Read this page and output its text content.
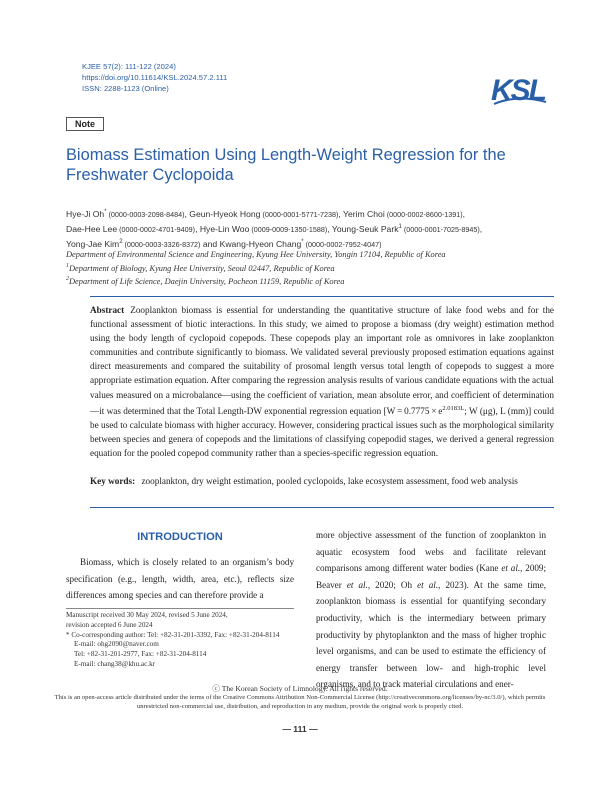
KJEE 57(2): 111-122 (2024)
https://doi.org/10.11614/KSL.2024.57.2.111
ISSN: 2288-1123 (Online)	KSL
Note
Biomass Estimation Using Length-Weight Regression for the Freshwater Cyclopoida
Hye-Ji Oh* (0000-0003-2098-8484), Geun-Hyeok Hong (0000-0001-5771-7238), Yerim Choi (0000-0002-8600-1391),
Dae-Hee Lee (0000-0002-4701-9409), Hye-Lin Woo (0009-0009-1350-1588), Young-Seuk Park$^1$ (0000-0001-7025-8945),
Yong-Jae Kim$^2$ (0000-0003-3326-8372) and Kwang-Hyeon Chang* (0000-0002-7952-4047)
Department of Environmental Science and Engineering, Kyung Hee University, Yongin 17104, Republic of Korea
$^1$Department of Biology, Kyung Hee University, Seoul 02447, Republic of Korea
$^2$Department of Life Science, Daejin University, Pocheon 11159, Republic of Korea
Abstract Zooplankton biomass is essential for understanding the quantitative structure of lake food webs and for the functional assessment of biotic interactions. In this study, we aimed to propose a biomass (dry weight) estimation method using the body length of cyclopoid copepods. These copepods play an important role as omnivores in lake zooplankton communities and contribute significantly to biomass. We validated several previously proposed estimation equations against direct measurements and compared the suitability of prosomal length versus total length of copepods to suggest a more appropriate estimation equation. After comparing the regression analysis results of various candidate equations with the actual values measured on a microbalance—using the coefficient of variation, mean absolute error, and coefficient of determination—it was determined that the Total Length-DW exponential regression equation [$W = 0.7775 \times e^{2.0183L}$; W (μg), L (mm)] could be used to calculate biomass with higher accuracy. However, considering practical issues such as the morphological similarity between species and genera of copepods and the limitations of classifying copepodid stages, we derived a general regression equation for the pooled copepod community rather than a species-specific regression equation.
Key words: zooplankton, dry weight estimation, pooled cyclopoids, lake ecosystem assessment, food web analysis
INTRODUCTION
Biomass, which is closely related to an organism’s body specification (e.g., length, width, area, etc.), reflects size differences among species and can therefore provide a
more objective assessment of the function of zooplankton in aquatic ecosystem food webs and facilitate relevant comparisons among different water bodies (Kane et al., 2009; Beaver et al., 2020; Oh et al., 2023). At the same time, zooplankton biomass is essential for quantifying secondary productivity, which is the intermediary between primary productivity by phytoplankton and the mass of higher trophic level organisms, and can be used to estimate the efficiency of energy transfer between low- and high-trophic level organisms, and to track material circulations and ener-
Manuscript received 30 May 2024, revised 5 June 2024,
revision accepted 6 June 2024
* Co-corresponding author: Tel: +82-31-201-3392, Fax: +82-31-204-8114
E-mail: ohg2090@naver.com
Tel: +82-31-201-2977, Fax: +82-31-204-8114
E-mail: chang38@khu.ac.kr
ⓒ The Korean Society of Limnology. All rights reserved.
This is an open-access article distributed under the terms of the Creative Commons Attribution Non-Commercial License (http://creativecommons.org/licenses/by-nc/3.0/), which permits unrestricted non-commercial use, distribution, and reproduction in any medium, provide the original work is properly cited.
— 111 —
